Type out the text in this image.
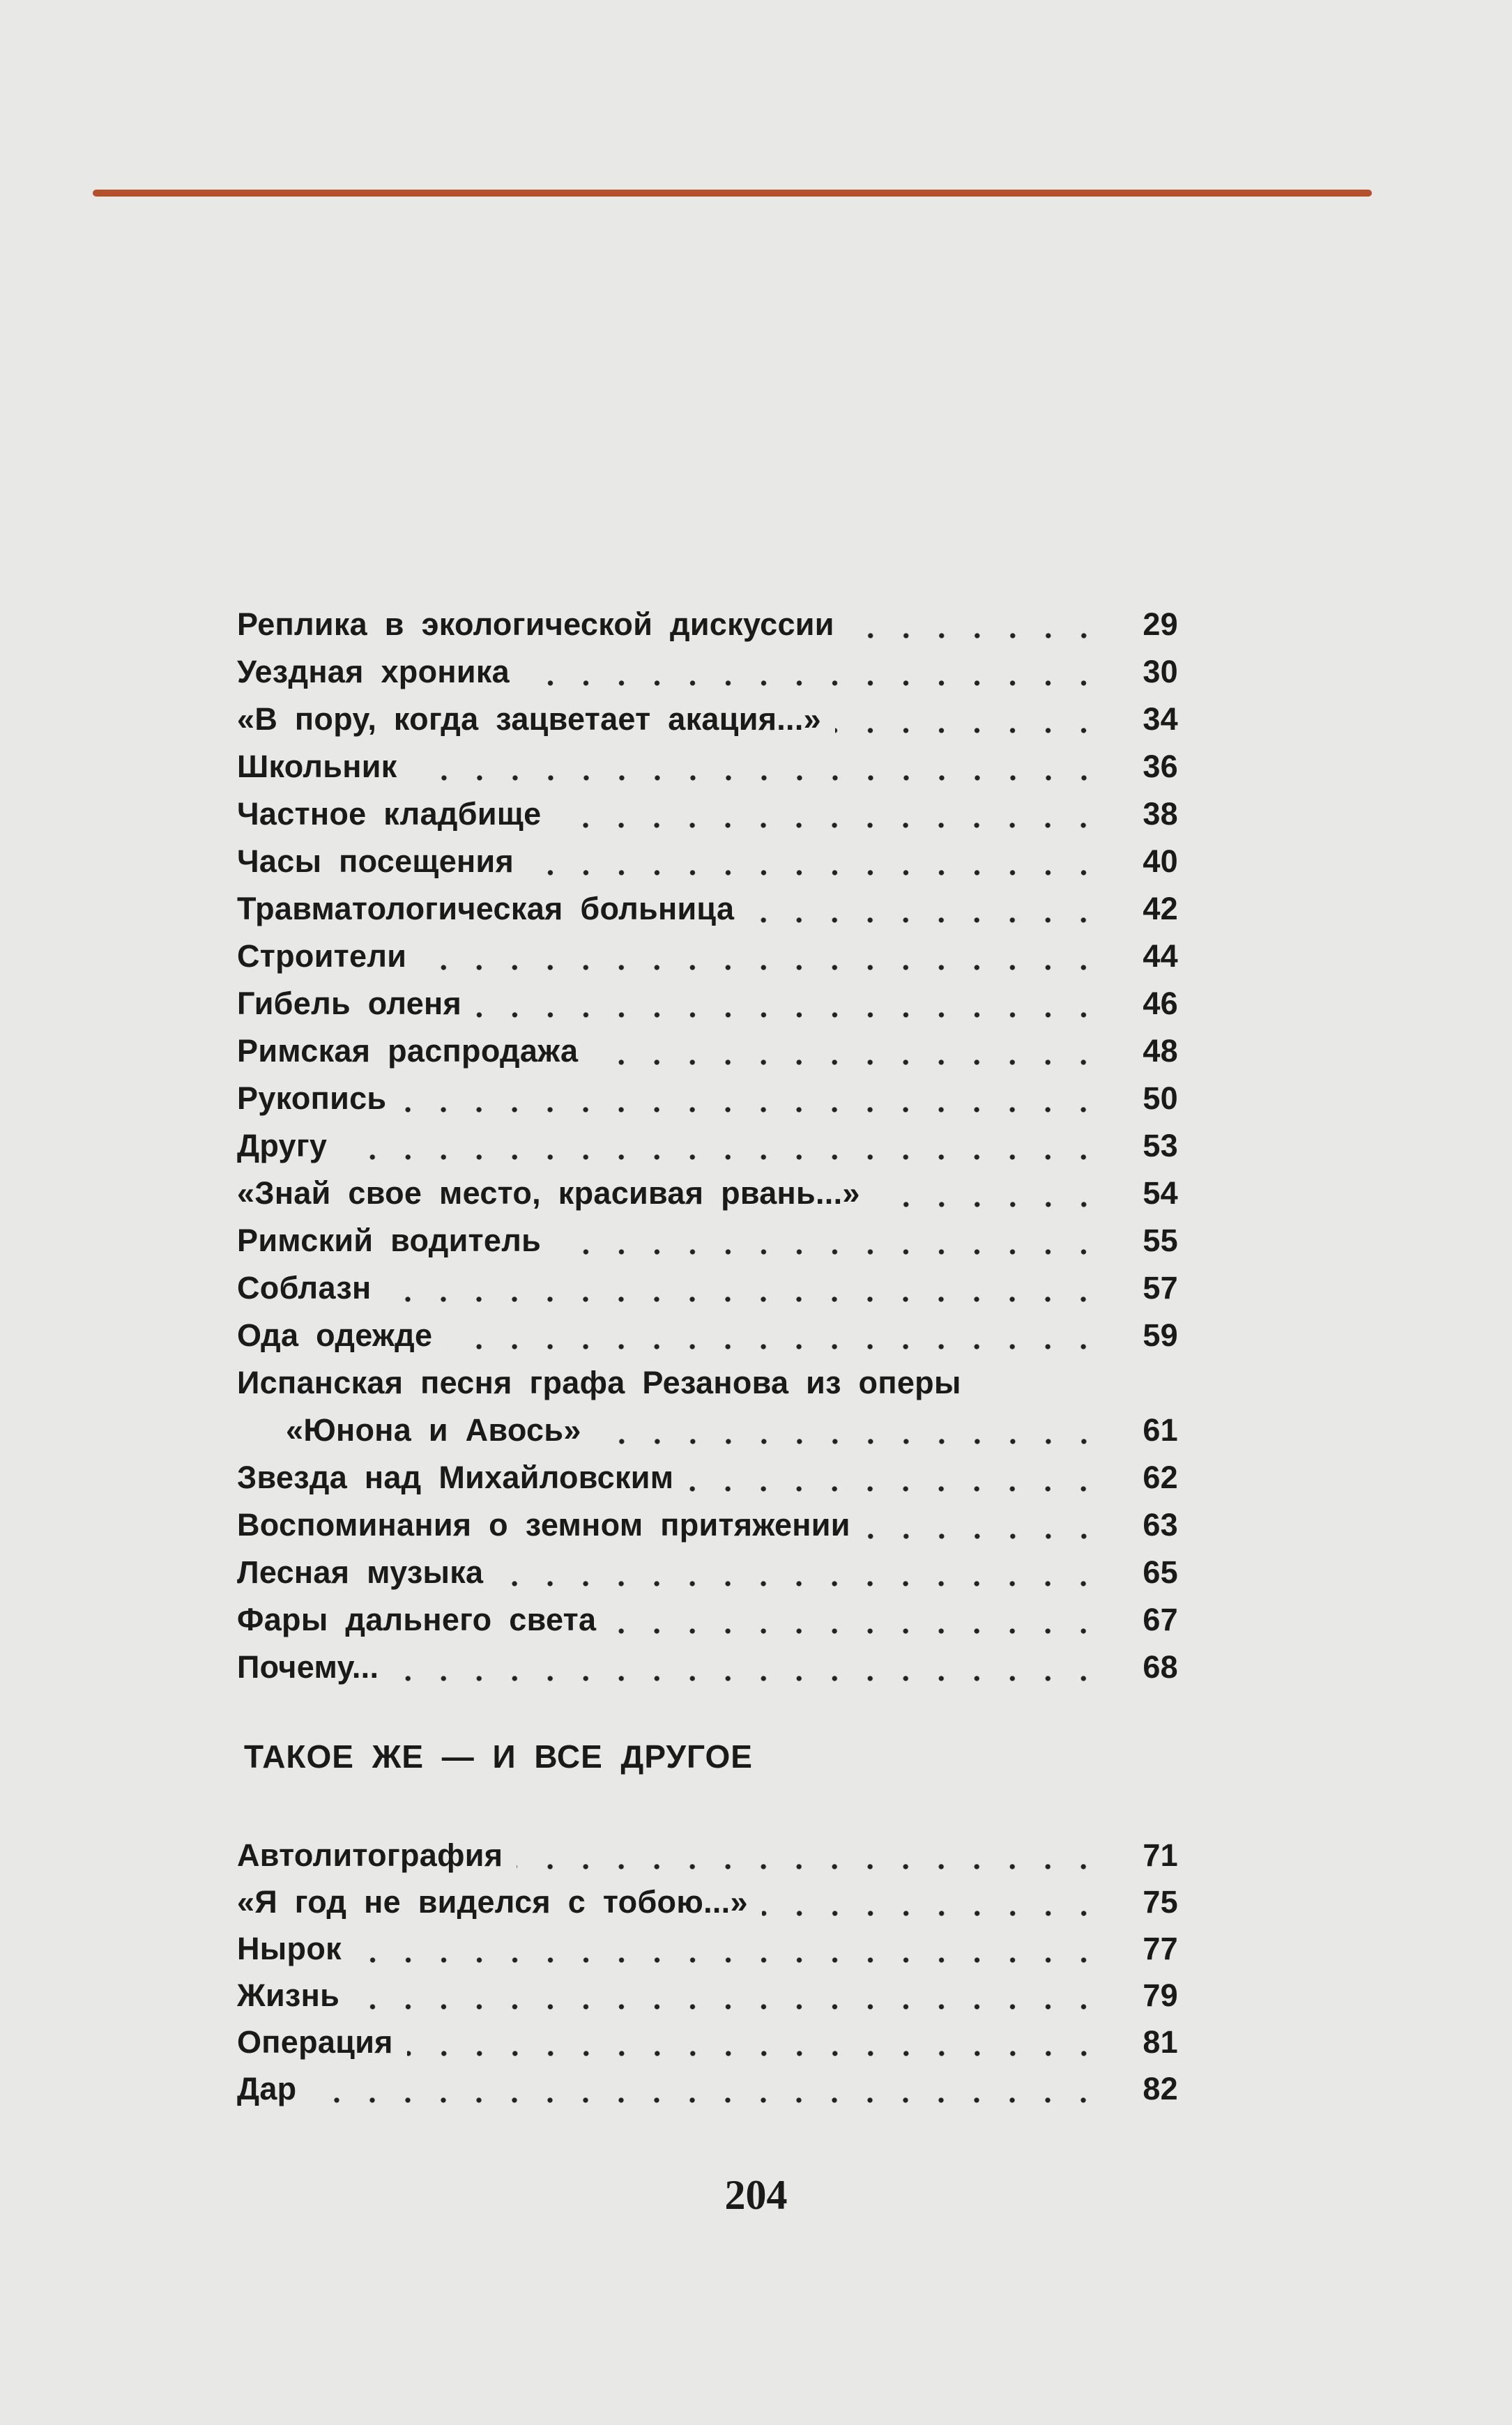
Реплика в экологической дискуссии	29
Уездная хроника	30
«В пору, когда зацветает акация...»	34
Школьник	36
Частное кладбище	38
Часы посещения	40
Травматологическая больница	42
Строители	44
Гибель оленя	46
Римская распродажа	48
Рукопись	50
Другу	53
«Знай свое место, красивая рвань...»	54
Римский водитель	55
Соблазн	57
Ода одежде	59
Испанская песня графа Резанова из оперы
«Юнона и Авось»	61
Звезда над Михайловским	62
Воспоминания о земном притяжении	63
Лесная музыка	65
Фары дальнего света	67
Почему...	68
ТАКОЕ ЖЕ — И ВСЕ ДРУГОЕ
Автолитография	71
«Я год не виделся с тобою...»	75
Нырок	77
Жизнь	79
Операция	81
Дар	82
204
